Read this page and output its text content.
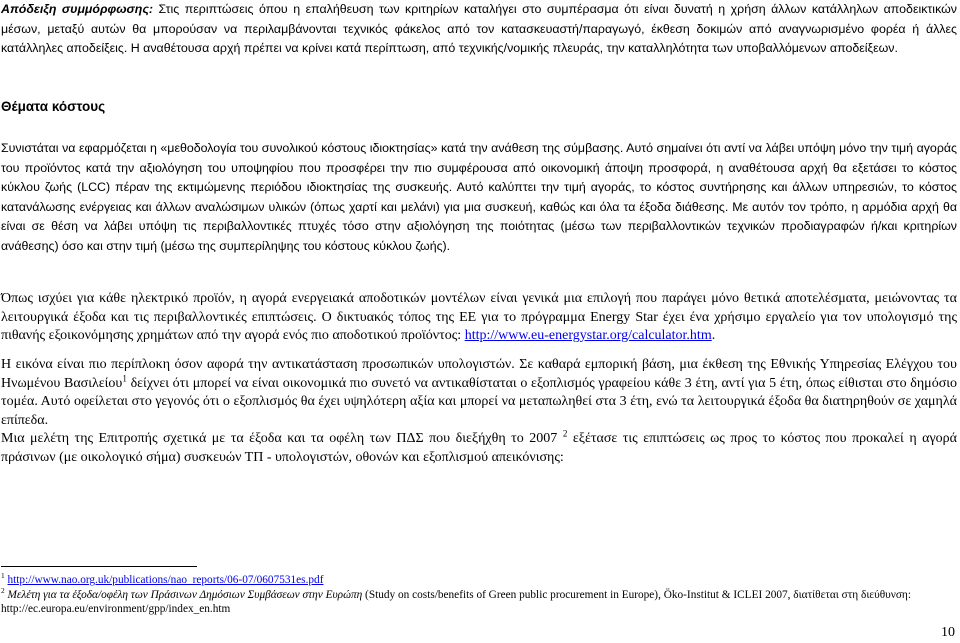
Απόδειξη συμμόρφωσης: Στις περιπτώσεις όπου η επαλήθευση των κριτηρίων καταλήγει στο συμπέρασμα ότι είναι δυνατή η χρήση άλλων κατάλληλων αποδεικτικών μέσων, μεταξύ αυτών θα μπορούσαν να περιλαμβάνονται τεχνικός φάκελος από τον κατασκευαστή/παραγωγό, έκθεση δοκιμών από αναγνωρισμένο φορέα ή άλλες κατάλληλες αποδείξεις. Η αναθέτουσα αρχή πρέπει να κρίνει κατά περίπτωση, από τεχνικής/νομικής πλευράς, την καταλληλότητα των υποβαλλόμενων αποδείξεων.

Θέματα κόστους

Συνιστάται να εφαρμόζεται η «μεθοδολογία του συνολικού κόστους ιδιοκτησίας» κατά την ανάθεση της σύμβασης. Αυτό σημαίνει ότι αντί να λάβει υπόψη μόνο την τιμή αγοράς του προϊόντος κατά την αξιολόγηση του υποψηφίου που προσφέρει την πιο συμφέρουσα από οικονομική άποψη προσφορά, η αναθέτουσα αρχή θα εξετάσει το κόστος κύκλου ζωής (LCC) πέραν της εκτιμώμενης περιόδου ιδιοκτησίας της συσκευής. Αυτό καλύπτει την τιμή αγοράς, το κόστος συντήρησης και άλλων υπηρεσιών, το κόστος κατανάλωσης ενέργειας και άλλων αναλώσιμων υλικών (όπως χαρτί και μελάνι) για μια συσκευή, καθώς και όλα τα έξοδα διάθεσης. Με αυτόν τον τρόπο, η αρμόδια αρχή θα είναι σε θέση να λάβει υπόψη τις περιβαλλοντικές πτυχές τόσο στην αξιολόγηση της ποιότητας (μέσω των περιβαλλοντικών τεχνικών προδιαγραφών ή/και κριτηρίων ανάθεσης) όσο και στην τιμή (μέσω της συμπερίληψης του κόστους κύκλου ζωής).

Όπως ισχύει για κάθε ηλεκτρικό προϊόν, η αγορά ενεργειακά αποδοτικών μοντέλων είναι γενικά μια επιλογή που παράγει μόνο θετικά αποτελέσματα, μειώνοντας τα λειτουργικά έξοδα και τις περιβαλλοντικές επιπτώσεις. Ο δικτυακός τόπος της ΕΕ για το πρόγραμμα Energy Star έχει ένα χρήσιμο εργαλείο για τον υπολογισμό της πιθανής εξοικονόμησης χρημάτων από την αγορά ενός πιο αποδοτικού προϊόντος: http://www.eu-energystar.org/calculator.htm.

Η εικόνα είναι πιο περίπλοκη όσον αφορά την αντικατάσταση προσωπικών υπολογιστών. Σε καθαρά εμπορική βάση, μια έκθεση της Εθνικής Υπηρεσίας Ελέγχου του Ηνωμένου Βασιλείου$^1$ δείχνει ότι μπορεί να είναι οικονομικά πιο συνετό να αντικαθίσταται ο εξοπλισμός γραφείου κάθε 3 έτη, αντί για 5 έτη, όπως είθισται στο δημόσιο τομέα. Αυτό οφείλεται στο γεγονός ότι ο εξοπλισμός θα έχει υψηλότερη αξία και μπορεί να μεταπωληθεί στα 3 έτη, ενώ τα λειτουργικά έξοδα θα διατηρηθούν σε χαμηλά επίπεδα.

Μια μελέτη της Επιτροπής σχετικά με τα έξοδα και τα οφέλη των ΠΔΣ που διεξήχθη το 2007 $^2$ εξέτασε τις επιπτώσεις ως προς το κόστος που προκαλεί η αγορά πράσινων (με οικολογικό σήμα) συσκευών ΤΠ - υπολογιστών, οθονών και εξοπλισμού απεικόνισης:

$^1$ http://www.nao.org.uk/publications/nao_reports/06-07/0607531es.pdf

$^2$ Μελέτη για τα έξοδα/οφέλη των Πράσινων Δημόσιων Συμβάσεων στην Ευρώπη (Study on costs/benefits of Green public procurement in Europe), Öko-Institut & ICLEI 2007, διατίθεται στη διεύθυνση: http://ec.europa.eu/environment/gpp/index_en.htm

10
